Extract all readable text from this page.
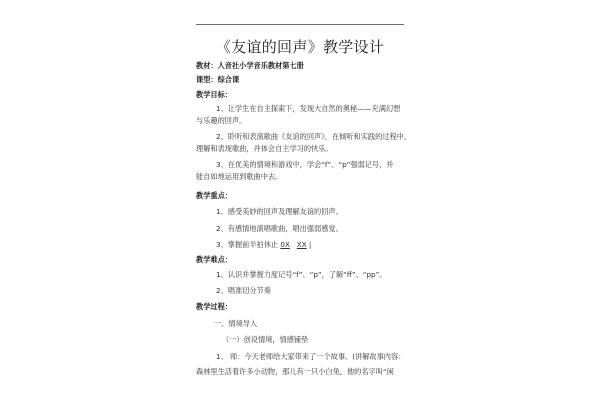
《友谊的回声》教学设计
教材：人音社小学音乐教材第七册
课型：综合课
教学目标：
1、让学生在自主探索下，发现大自然的奥秘——充满幻想
与乐趣的回声。
2、聆听和表演歌曲《友谊的回声》，在倾听和实践的过程中，
理解和表现歌曲，并体会自主学习的快乐。
3、在优美的情境和游戏中，学会“f”、“p”强弱记号，并
能自如地运用到歌曲中去。
教学重点：
1、感受美妙的回声及理解友谊的回声。
2、有感情地演唱歌曲，唱出强弱感觉。
3、掌握前半拍休止 0X XX |
教学难点：
1、认识并掌握力度记号“f”、“p”，了解“ff”、“pp”。
2、唱准切分节奏
教学过程：
一、情境导入
（一）创设情境，情感铺垫
1、 师：今天老师给大家带来了一个故事。(讲解故事内容：
森林里生活着许多小动物，那儿有一只小白兔，他的名字叫“闲
